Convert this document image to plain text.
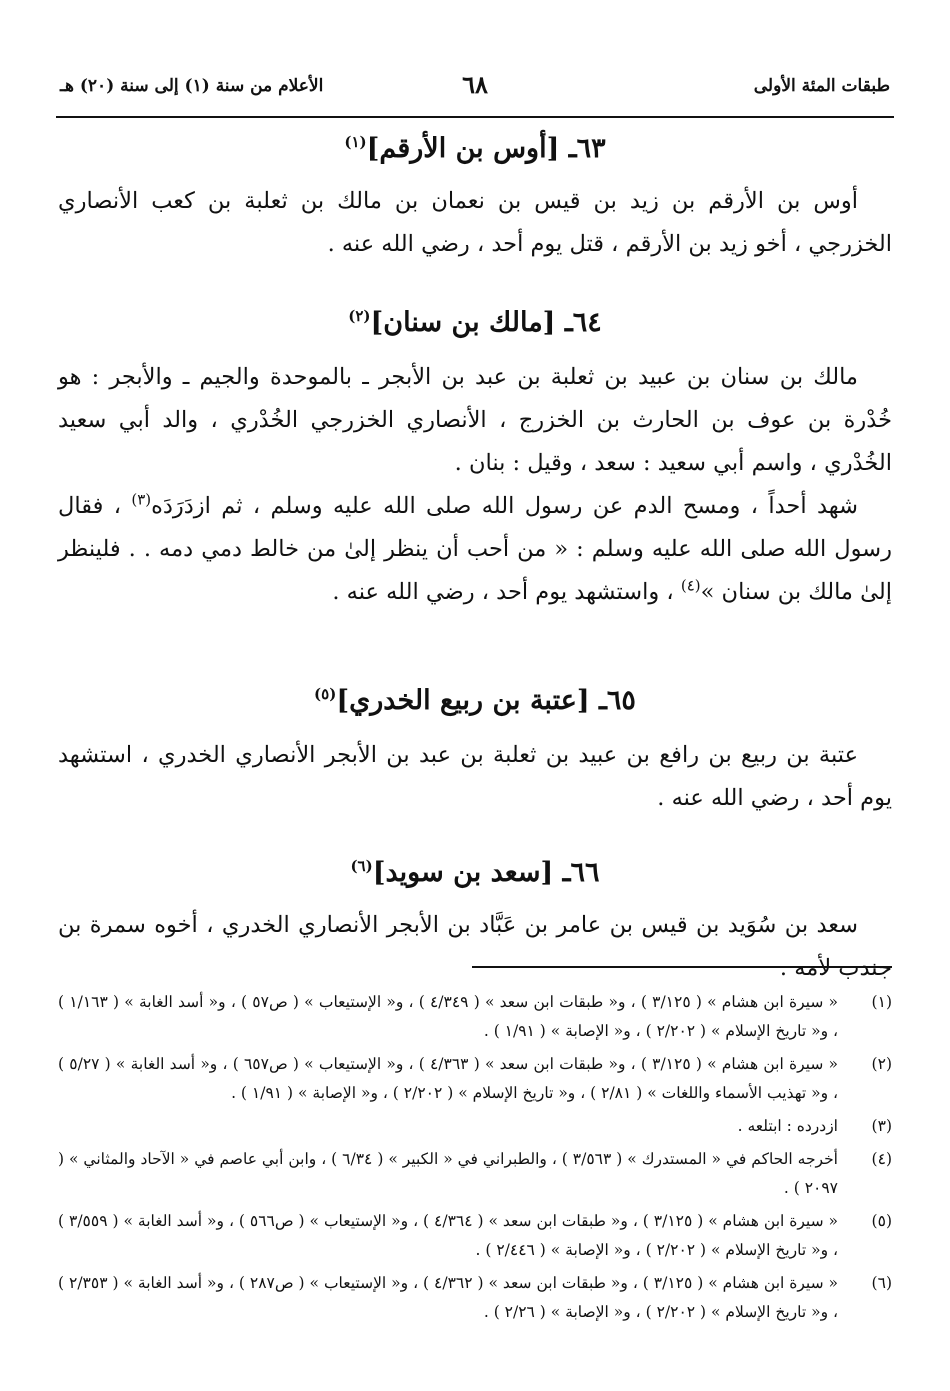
طبقات المئة الأولى
٦٨
الأعلام من سنة (١) إلى سنة (٢٠) هـ
٦٣ـ [أوس بن الأرقم]$^{(١)}$

أوس بن الأرقم بن زيد بن قيس بن نعمان بن مالك بن ثعلبة بن كعب الأنصاري الخزرجي ، أخو زيد بن الأرقم ، قتل يوم أحد ، رضي الله عنه .

٦٤ـ [مالك بن سنان]$^{(٢)}$

مالك بن سنان بن عبيد بن ثعلبة بن عبد بن الأبجر ـ بالموحدة والجيم ـ والأبجر : هو خُدْرة بن عوف بن الحارث بن الخزرج ، الأنصاري الخزرجي الخُدْري ، والد أبي سعيد الخُدْري ، واسم أبي سعيد : سعد ، وقيل : بنان .

شهد أحداً ، ومسح الدم عن رسول الله صلى الله عليه وسلم ، ثم ازدَرَدَه$^{(٣)}$ ، فقال رسول الله صلى الله عليه وسلم : « من أحب أن ينظر إلىٰ من خالط دمي دمه . . فلينظر إلىٰ مالك بن سنان »$^{(٤)}$ ، واستشهد يوم أحد ، رضي الله عنه .

٦٥ـ [عتبة بن ربيع الخدري]$^{(٥)}$

عتبة بن ربيع بن رافع بن عبيد بن ثعلبة بن عبد بن الأبجر الأنصاري الخدري ، استشهد يوم أحد ، رضي الله عنه .

٦٦ـ [سعد بن سويد]$^{(٦)}$

سعد بن سُوَيد بن قيس بن عامر بن عَبَّاد بن الأبجر الأنصاري الخدري ، أخوه سمرة بن جندب لأمه .

(١)
« سيرة ابن هشام » ( ٣/١٢٥ ) ، و« طبقات ابن سعد » ( ٤/٣٤٩ ) ، و« الإستيعاب » ( ص٥٧ ) ، و« أسد الغابة » ( ١/١٦٣ ) ، و« تاريخ الإسلام » ( ٢/٢٠٢ ) ، و« الإصابة » ( ١/٩١ ) .
(٢)
« سيرة ابن هشام » ( ٣/١٢٥ ) ، و« طبقات ابن سعد » ( ٤/٣٦٣ ) ، و« الإستيعاب » ( ص٦٥٧ ) ، و« أسد الغابة » ( ٥/٢٧ ) ، و« تهذيب الأسماء واللغات » ( ٢/٨١ ) ، و« تاريخ الإسلام » ( ٢/٢٠٢ ) ، و« الإصابة » ( ١/٩١ ) .
(٣)
ازدرده : ابتلعه .
(٤)
أخرجه الحاكم في « المستدرك » ( ٣/٥٦٣ ) ، والطبراني في « الكبير » ( ٦/٣٤ ) ، وابن أبي عاصم في « الآحاد والمثاني » ( ٢٠٩٧ ) .
(٥)
« سيرة ابن هشام » ( ٣/١٢٥ ) ، و« طبقات ابن سعد » ( ٤/٣٦٤ ) ، و« الإستيعاب » ( ص٥٦٦ ) ، و« أسد الغابة » ( ٣/٥٥٩ ) ، و« تاريخ الإسلام » ( ٢/٢٠٢ ) ، و« الإصابة » ( ٢/٤٤٦ ) .
(٦)
« سيرة ابن هشام » ( ٣/١٢٥ ) ، و« طبقات ابن سعد » ( ٤/٣٦٢ ) ، و« الإستيعاب » ( ص٢٨٧ ) ، و« أسد الغابة » ( ٢/٣٥٣ ) ، و« تاريخ الإسلام » ( ٢/٢٠٢ ) ، و« الإصابة » ( ٢/٢٦ ) .
